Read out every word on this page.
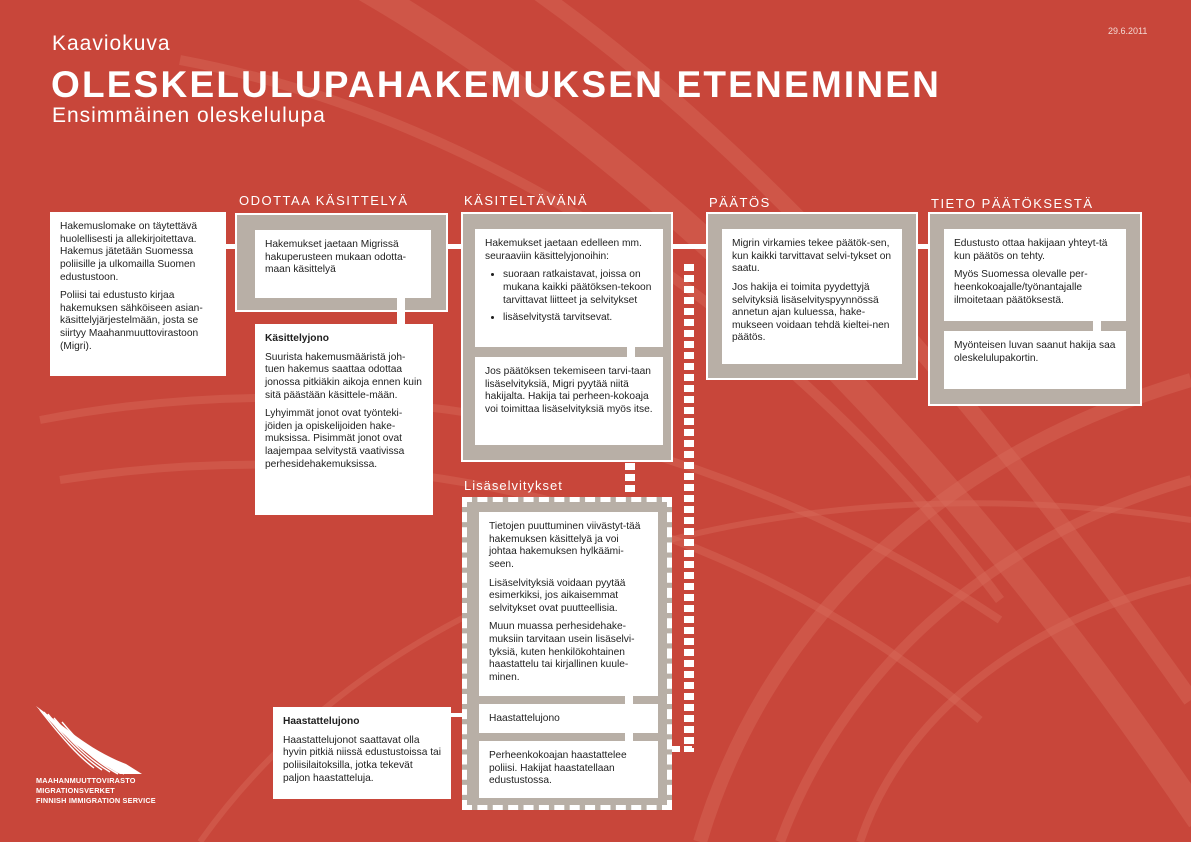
29.6.2011
Kaaviokuva
OLESKELULUPAHAKEMUKSEN ETENEMINEN
Ensimmäinen oleskelulupa
ODOTTAA KÄSITTELYÄ	KÄSITELTÄVÄNÄ	PÄÄTÖS	TIETO PÄÄTÖKSESTÄ
Lisäselvitykset

Hakemuslomake on täytettävä huolellisesti ja allekirjoitettava. Hakemus jätetään Suomessa poliisille ja ulkomailla Suomen edustustoon.

Poliisi tai edustusto kirjaa hakemuksen sähköiseen asian-käsittelyjärjestelmään, josta se siirtyy Maahanmuuttovirastoon (Migri).

Hakemukset jaetaan Migrissä hakuperusteen mukaan odotta-maan käsittelyä

Käsittelyjono

Suurista hakemusmääristä joh-tuen hakemus saattaa odottaa jonossa pitkiäkin aikoja ennen kuin sitä päästään käsittele-mään.

Lyhyimmät jonot ovat työnteki-jöiden ja opiskelijoiden hake-muksissa. Pisimmät jonot ovat laajempaa selvitystä vaativissa perhesidehakemuksissa.

Hakemukset jaetaan edelleen mm. seuraaviin käsittelyjonoihin:

• suoraan ratkaistavat, joissa on mukana kaikki päätöksen-tekoon tarvittavat liitteet ja selvitykset
• lisäselvitystä tarvitsevat.
Jos päätöksen tekemiseen tarvi-taan lisäselvityksiä, Migri pyytää niitä hakijalta. Hakija tai perheen-kokoaja voi toimittaa lisäselvityksiä myös itse.

Tietojen puuttuminen viivästyt-tää hakemuksen käsittelyä ja voi johtaa hakemuksen hylkäämi-seen.

Lisäselvityksiä voidaan pyytää esimerkiksi, jos aikaisemmat selvitykset ovat puutteellisia.

Muun muassa perhesidehake-muksiin tarvitaan usein lisäselvi-tyksiä, kuten henkilökohtainen haastattelu tai kirjallinen kuule-minen.

Haastattelujono
Perheenkokoajan haastattelee poliisi. Hakijat haastatellaan edustustossa.

Haastattelujono

Haastattelujonot saattavat olla hyvin pitkiä niissä edustustoissa tai poliisilaitoksilla, jotka tekevät paljon haastatteluja.

Migrin virkamies tekee päätök-sen, kun kaikki tarvittavat selvi-tykset on saatu.

Jos hakija ei toimita pyydettyjä selvityksiä lisäselvityspyynnössä annetun ajan kuluessa, hake-mukseen voidaan tehdä kieltei-nen päätös.

Edustusto ottaa hakijaan yhteyt-tä kun päätös on tehty.

Myös Suomessa olevalle per-heenkokoajalle/työnantajalle ilmoitetaan päätöksestä.

Myönteisen luvan saanut hakija saa oleskelulupakortin.
MAAHANMUUTTOVIRASTO
MIGRATIONSVERKET
FINNISH IMMIGRATION SERVICE
